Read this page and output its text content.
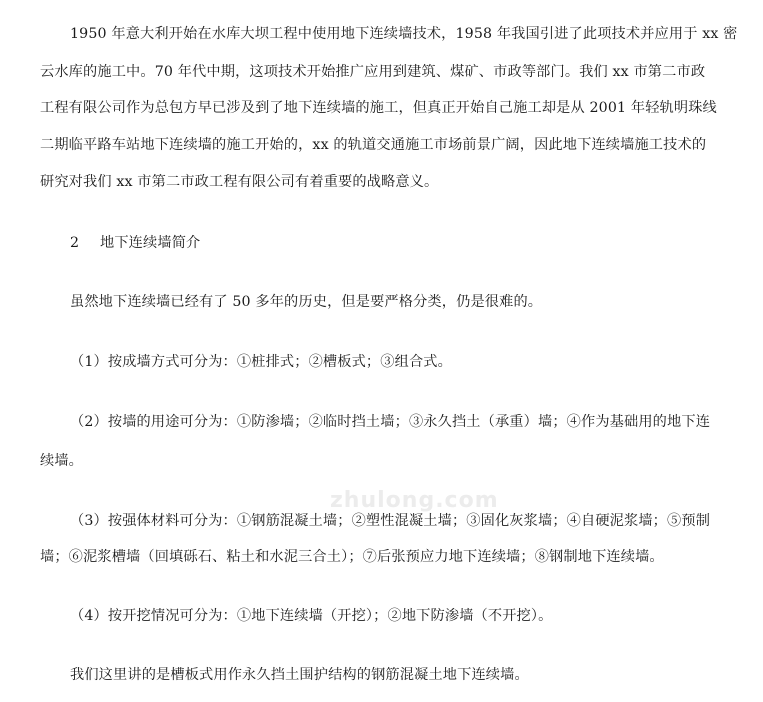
zhulong.com
1950 年意大利开始在水库大坝工程中使用地下连续墙技术，1958 年我国引进了此项技术并应用于 xx 密
云水库的施工中。70 年代中期，这项技术开始推广应用到建筑、煤矿、市政等部门。我们 xx 市第二市政
工程有限公司作为总包方早已涉及到了地下连续墙的施工，但真正开始自己施工却是从 2001 年轻轨明珠线
二期临平路车站地下连续墙的施工开始的，xx 的轨道交通施工市场前景广阔，因此地下连续墙施工技术的
研究对我们 xx 市第二市政工程有限公司有着重要的战略意义。
2 地下连续墙简介
虽然地下连续墙已经有了 50 多年的历史，但是要严格分类，仍是很难的。
（1）按成墙方式可分为：①桩排式；②槽板式；③组合式。
（2）按墙的用途可分为：①防渗墙；②临时挡土墙；③永久挡土（承重）墙；④作为基础用的地下连
续墙。
（3）按强体材料可分为：①钢筋混凝土墙；②塑性混凝土墙；③固化灰浆墙；④自硬泥浆墙；⑤预制
墙；⑥泥浆槽墙（回填砾石、粘土和水泥三合土）；⑦后张预应力地下连续墙；⑧钢制地下连续墙。
（4）按开挖情况可分为：①地下连续墙（开挖）；②地下防渗墙（不开挖）。
我们这里讲的是槽板式用作永久挡土围护结构的钢筋混凝土地下连续墙。
